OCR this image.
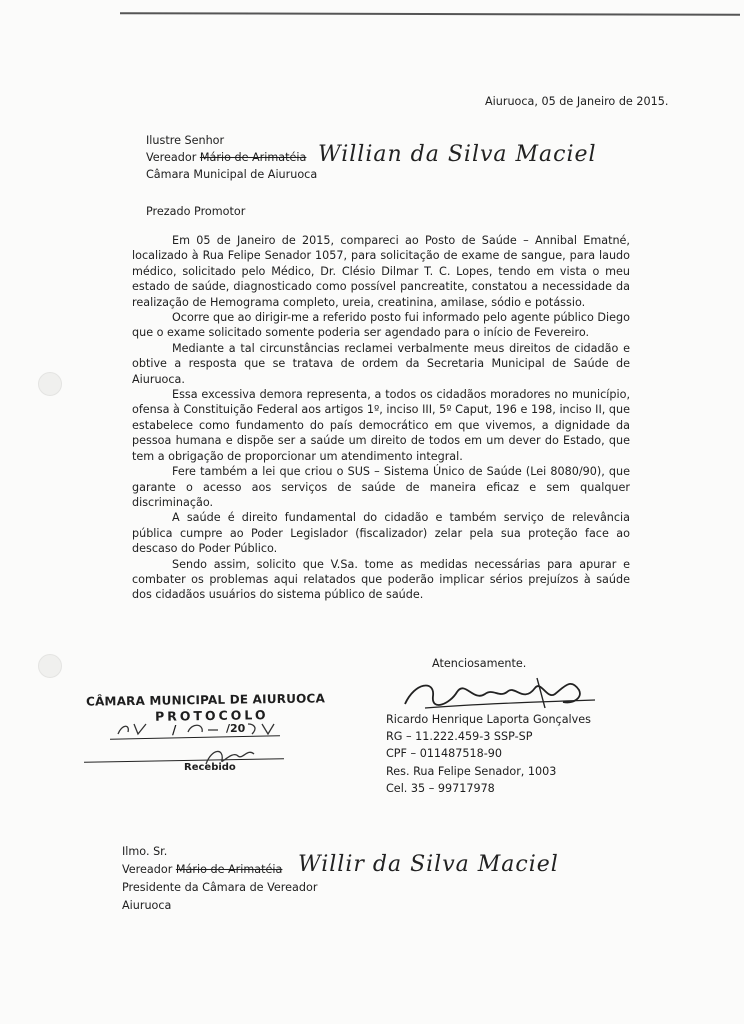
Aiuruoca, 05 de Janeiro de 2015.
Ilustre Senhor
Vereador Mário de Arimatéia Willian da Silva Maciel
Câmara Municipal de Aiuruoca
Prezado Promotor

Em 05 de Janeiro de 2015, compareci ao Posto de Saúde – Annibal Ematné, localizado à Rua Felipe Senador 1057, para solicitação de exame de sangue, para laudo médico, solicitado pelo Médico, Dr. Clésio Dilmar T. C. Lopes, tendo em vista o meu estado de saúde, diagnosticado como possível pancreatite, constatou a necessidade da realização de Hemograma completo, ureia, creatinina, amilase, sódio e potássio.

Ocorre que ao dirigir-me a referido posto fui informado pelo agente público Diego que o exame solicitado somente poderia ser agendado para o início de Fevereiro.

Mediante a tal circunstâncias reclamei verbalmente meus direitos de cidadão e obtive a resposta que se tratava de ordem da Secretaria Municipal de Saúde de Aiuruoca.

Essa excessiva demora representa, a todos os cidadãos moradores no município, ofensa à Constituição Federal aos artigos 1º, inciso III, 5º Caput, 196 e 198, inciso II, que estabelece como fundamento do país democrático em que vivemos, a dignidade da pessoa humana e dispõe ser a saúde um direito de todos em um dever do Estado, que tem a obrigação de proporcionar um atendimento integral.

Fere também a lei que criou o SUS – Sistema Único de Saúde (Lei 8080/90), que garante o acesso aos serviços de saúde de maneira eficaz e sem qualquer discriminação.

A saúde é direito fundamental do cidadão e também serviço de relevância pública cumpre ao Poder Legislador (fiscalizador) zelar pela sua proteção face ao descaso do Poder Público.

Sendo assim, solicito que V.Sa. tome as medidas necessárias para apurar e combater os problemas aqui relatados que poderão implicar sérios prejuízos à saúde dos cidadãos usuários do sistema público de saúde.

Atenciosamente.
Ricardo Henrique Laporta Gonçalves
RG – 11.222.459-3 SSP-SP
CPF – 011487518-90
Res. Rua Felipe Senador, 1003
Cel. 35 – 99717978
CÂMARA MUNICIPAL DE AIURUOCA
PROTOCOLO
/	/20
Recebido
Ilmo. Sr.
Vereador Mário de Arimatéia Willir da Silva Maciel
Presidente da Câmara de Vereador
Aiuruoca
